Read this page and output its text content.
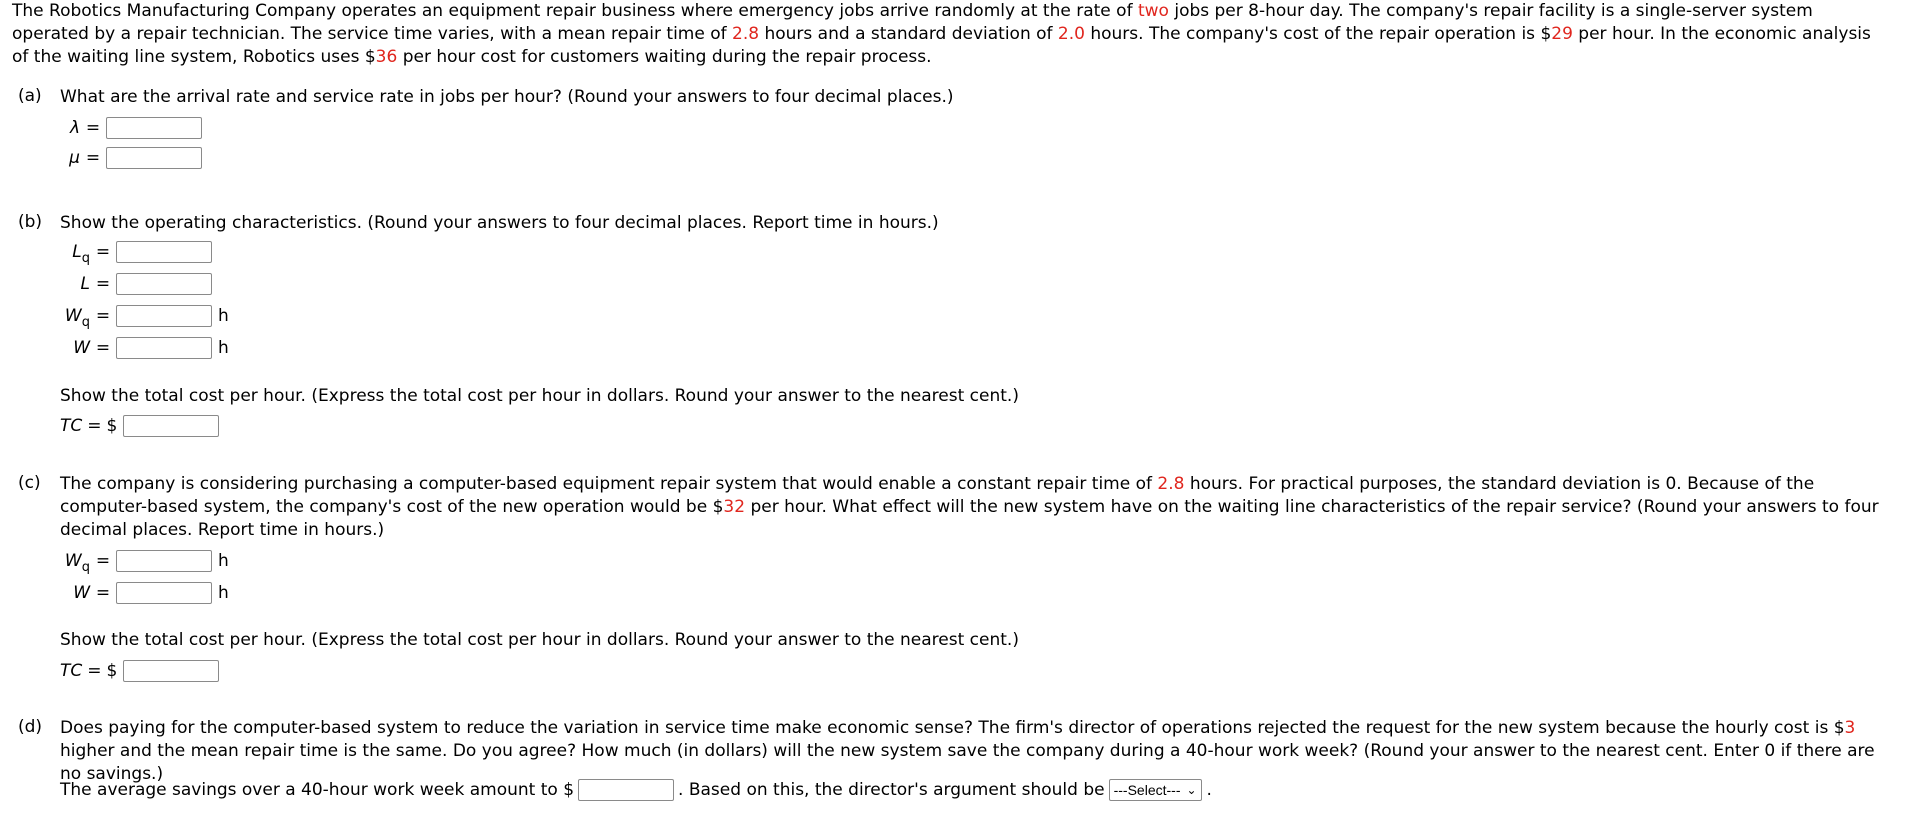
The Robotics Manufacturing Company operates an equipment repair business where emergency jobs arrive randomly at the rate of two jobs per 8-hour day. The company's repair facility is a single-server system operated by a repair technician. The service time varies, with a mean repair time of 2.8 hours and a standard deviation of 2.0 hours. The company's cost of the repair operation is $29 per hour. In the economic analysis of the waiting line system, Robotics uses $36 per hour cost for customers waiting during the repair process.
(a) What are the arrival rate and service rate in jobs per hour? (Round your answers to four decimal places.)
λ =
μ =
(b) Show the operating characteristics. (Round your answers to four decimal places. Report time in hours.)
$L_q$ =
L =
$W_q$ =	h
W =	h
Show the total cost per hour. (Express the total cost per hour in dollars. Round your answer to the nearest cent.)
TC = $
(c) The company is considering purchasing a computer-based equipment repair system that would enable a constant repair time of 2.8 hours. For practical purposes, the standard deviation is 0. Because of the computer-based system, the company's cost of the new operation would be $32 per hour. What effect will the new system have on the waiting line characteristics of the repair service? (Round your answers to four decimal places. Report time in hours.)
$W_q$ =	h
W =	h
Show the total cost per hour. (Express the total cost per hour in dollars. Round your answer to the nearest cent.)
TC = $
(d) Does paying for the computer-based system to reduce the variation in service time make economic sense? The firm's director of operations rejected the request for the new system because the hourly cost is $3 higher and the mean repair time is the same. Do you agree? How much (in dollars) will the new system save the company during a 40-hour work week? (Round your answer to the nearest cent. Enter 0 if there are no savings.)
The average savings over a 40-hour work week amount to $	. Based on this, the director's argument should be ---Select--- ⌄ .
